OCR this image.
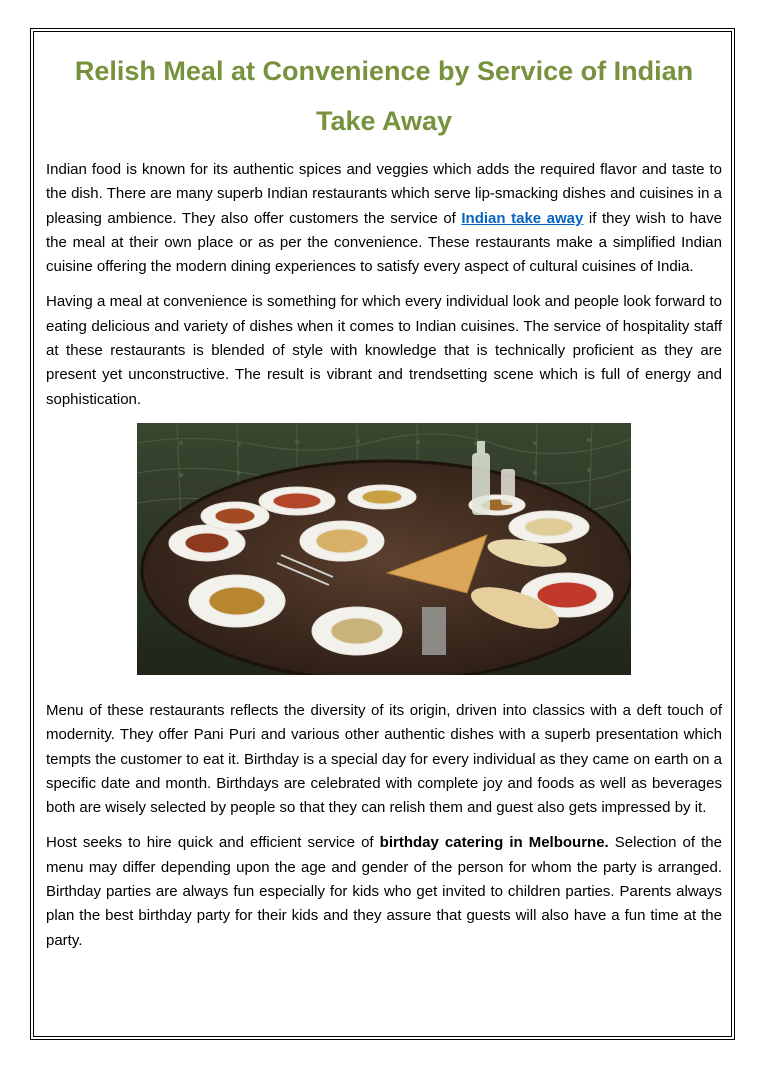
Relish Meal at Convenience by Service of Indian Take Away

Indian food is known for its authentic spices and veggies which adds the required flavor and taste to the dish. There are many superb Indian restaurants which serve lip-smacking dishes and cuisines in a pleasing ambience. They also offer customers the service of Indian take away if they wish to have the meal at their own place or as per the convenience. These restaurants make a simplified Indian cuisine offering the modern dining experiences to satisfy every aspect of cultural cuisines of India.

Having a meal at convenience is something for which every individual look and people look forward to eating delicious and variety of dishes when it comes to Indian cuisines. The service of hospitality staff at these restaurants is blended of style with knowledge that is technically proficient as they are present yet unconstructive. The result is vibrant and trendsetting scene which is full of energy and sophistication.

Menu of these restaurants reflects the diversity of its origin, driven into classics with a deft touch of modernity. They offer Pani Puri and various other authentic dishes with a superb presentation which tempts the customer to eat it. Birthday is a special day for every individual as they came on earth on a specific date and month. Birthdays are celebrated with complete joy and foods as well as beverages both are wisely selected by people so that they can relish them and guest also gets impressed by it.

Host seeks to hire quick and efficient service of birthday catering in Melbourne. Selection of the menu may differ depending upon the age and gender of the person for whom the party is arranged. Birthday parties are always fun especially for kids who get invited to children parties. Parents always plan the best birthday party for their kids and they assure that guests will also have a fun time at the party.
